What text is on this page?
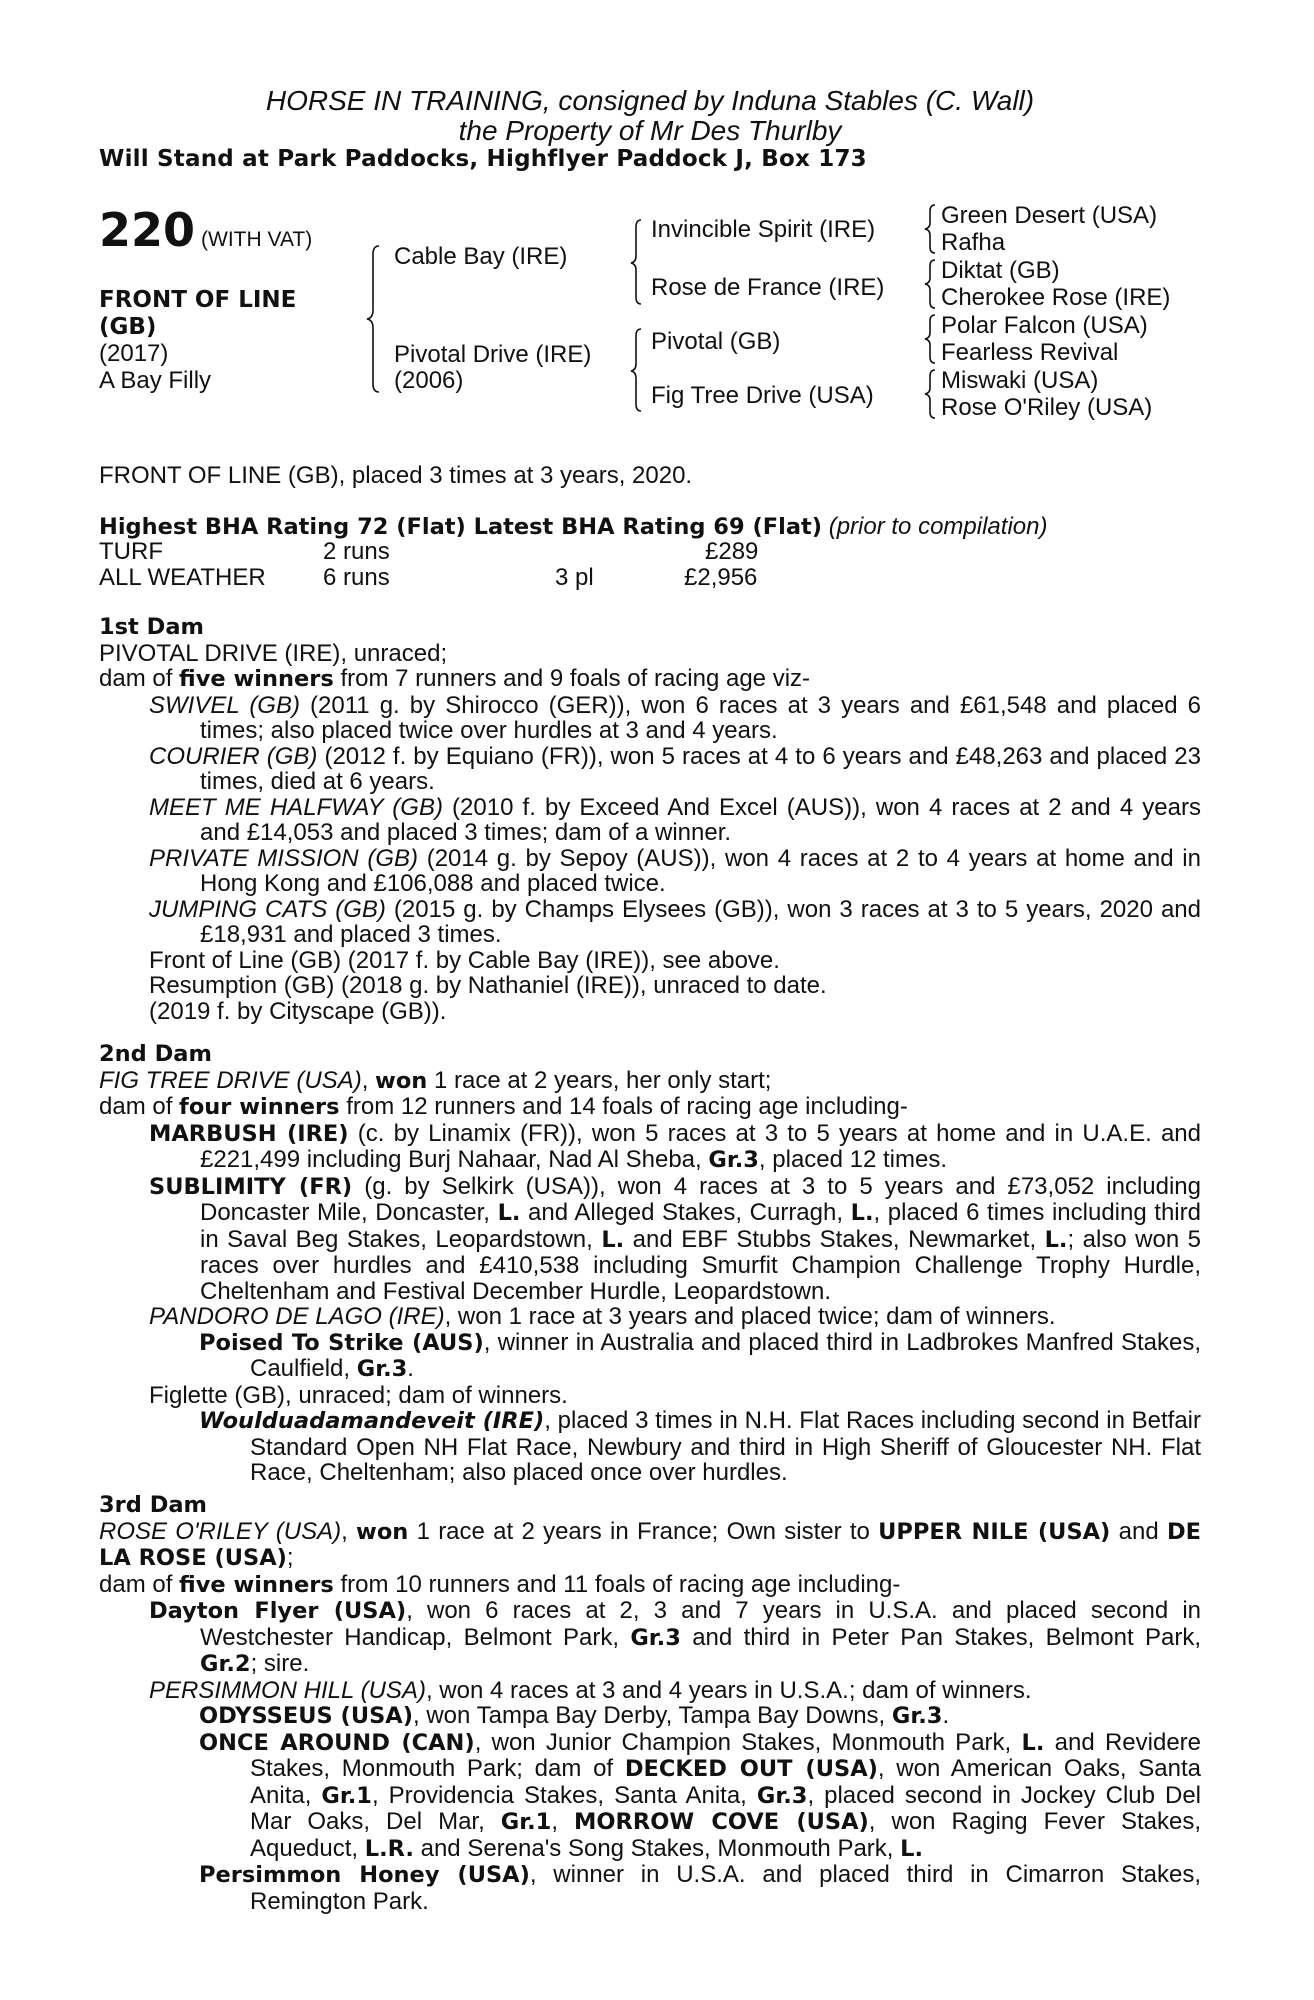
HORSE IN TRAINING, consigned by Induna Stables (C. Wall)
the Property of Mr Des Thurlby
Will Stand at Park Paddocks, Highflyer Paddock J, Box 173
220 (WITH VAT)
FRONT OF LINE (GB)
(2017)
A Bay Filly
Cable Bay (IRE)
Pivotal Drive (IRE)
(2006)
Invincible Spirit (IRE)
Rose de France (IRE)
Pivotal (GB)
Fig Tree Drive (USA)
Green Desert (USA)
Rafha
Diktat (GB)
Cherokee Rose (IRE)
Polar Falcon (USA)
Fearless Revival
Miswaki (USA)
Rose O'Riley (USA)
FRONT OF LINE (GB), placed 3 times at 3 years, 2020.
Highest BHA Rating 72 (Flat) Latest BHA Rating 69 (Flat) (prior to compilation)
TURF	2 runs	£289
ALL WEATHER 6 runs	3 pl	£2,956

1st Dam

PIVOTAL DRIVE (IRE), unraced;

dam of five winners from 7 runners and 9 foals of racing age viz-

SWIVEL (GB) (2011 g. by Shirocco (GER)), won 6 races at 3 years and £61,548 and placed 6 times; also placed twice over hurdles at 3 and 4 years.

COURIER (GB) (2012 f. by Equiano (FR)), won 5 races at 4 to 6 years and £48,263 and placed 23 times, died at 6 years.

MEET ME HALFWAY (GB) (2010 f. by Exceed And Excel (AUS)), won 4 races at 2 and 4 years and £14,053 and placed 3 times; dam of a winner.

PRIVATE MISSION (GB) (2014 g. by Sepoy (AUS)), won 4 races at 2 to 4 years at home and in Hong Kong and £106,088 and placed twice.

JUMPING CATS (GB) (2015 g. by Champs Elysees (GB)), won 3 races at 3 to 5 years, 2020 and £18,931 and placed 3 times.

Front of Line (GB) (2017 f. by Cable Bay (IRE)), see above.

Resumption (GB) (2018 g. by Nathaniel (IRE)), unraced to date.

(2019 f. by Cityscape (GB)).

2nd Dam

FIG TREE DRIVE (USA), won 1 race at 2 years, her only start;

dam of four winners from 12 runners and 14 foals of racing age including-

MARBUSH (IRE) (c. by Linamix (FR)), won 5 races at 3 to 5 years at home and in U.A.E. and £221,499 including Burj Nahaar, Nad Al Sheba, Gr.3, placed 12 times.

SUBLIMITY (FR) (g. by Selkirk (USA)), won 4 races at 3 to 5 years and £73,052 including Doncaster Mile, Doncaster, L. and Alleged Stakes, Curragh, L., placed 6 times including third in Saval Beg Stakes, Leopardstown, L. and EBF Stubbs Stakes, Newmarket, L.; also won 5 races over hurdles and £410,538 including Smurfit Champion Challenge Trophy Hurdle, Cheltenham and Festival December Hurdle, Leopardstown.

PANDORO DE LAGO (IRE), won 1 race at 3 years and placed twice; dam of winners.

Poised To Strike (AUS), winner in Australia and placed third in Ladbrokes Manfred Stakes, Caulfield, Gr.3.

Figlette (GB), unraced; dam of winners.

Woulduadamandeveit (IRE), placed 3 times in N.H. Flat Races including second in Betfair Standard Open NH Flat Race, Newbury and third in High Sheriff of Gloucester NH. Flat Race, Cheltenham; also placed once over hurdles.

3rd Dam

ROSE O'RILEY (USA), won 1 race at 2 years in France; Own sister to UPPER NILE (USA) and DE LA ROSE (USA);

dam of five winners from 10 runners and 11 foals of racing age including-

Dayton Flyer (USA), won 6 races at 2, 3 and 7 years in U.S.A. and placed second in Westchester Handicap, Belmont Park, Gr.3 and third in Peter Pan Stakes, Belmont Park, Gr.2; sire.

PERSIMMON HILL (USA), won 4 races at 3 and 4 years in U.S.A.; dam of winners.

ODYSSEUS (USA), won Tampa Bay Derby, Tampa Bay Downs, Gr.3.

ONCE AROUND (CAN), won Junior Champion Stakes, Monmouth Park, L. and Revidere Stakes, Monmouth Park; dam of DECKED OUT (USA), won American Oaks, Santa Anita, Gr.1, Providencia Stakes, Santa Anita, Gr.3, placed second in Jockey Club Del Mar Oaks, Del Mar, Gr.1, MORROW COVE (USA), won Raging Fever Stakes, Aqueduct, L.R. and Serena's Song Stakes, Monmouth Park, L.

Persimmon Honey (USA), winner in U.S.A. and placed third in Cimarron Stakes, Remington Park.
